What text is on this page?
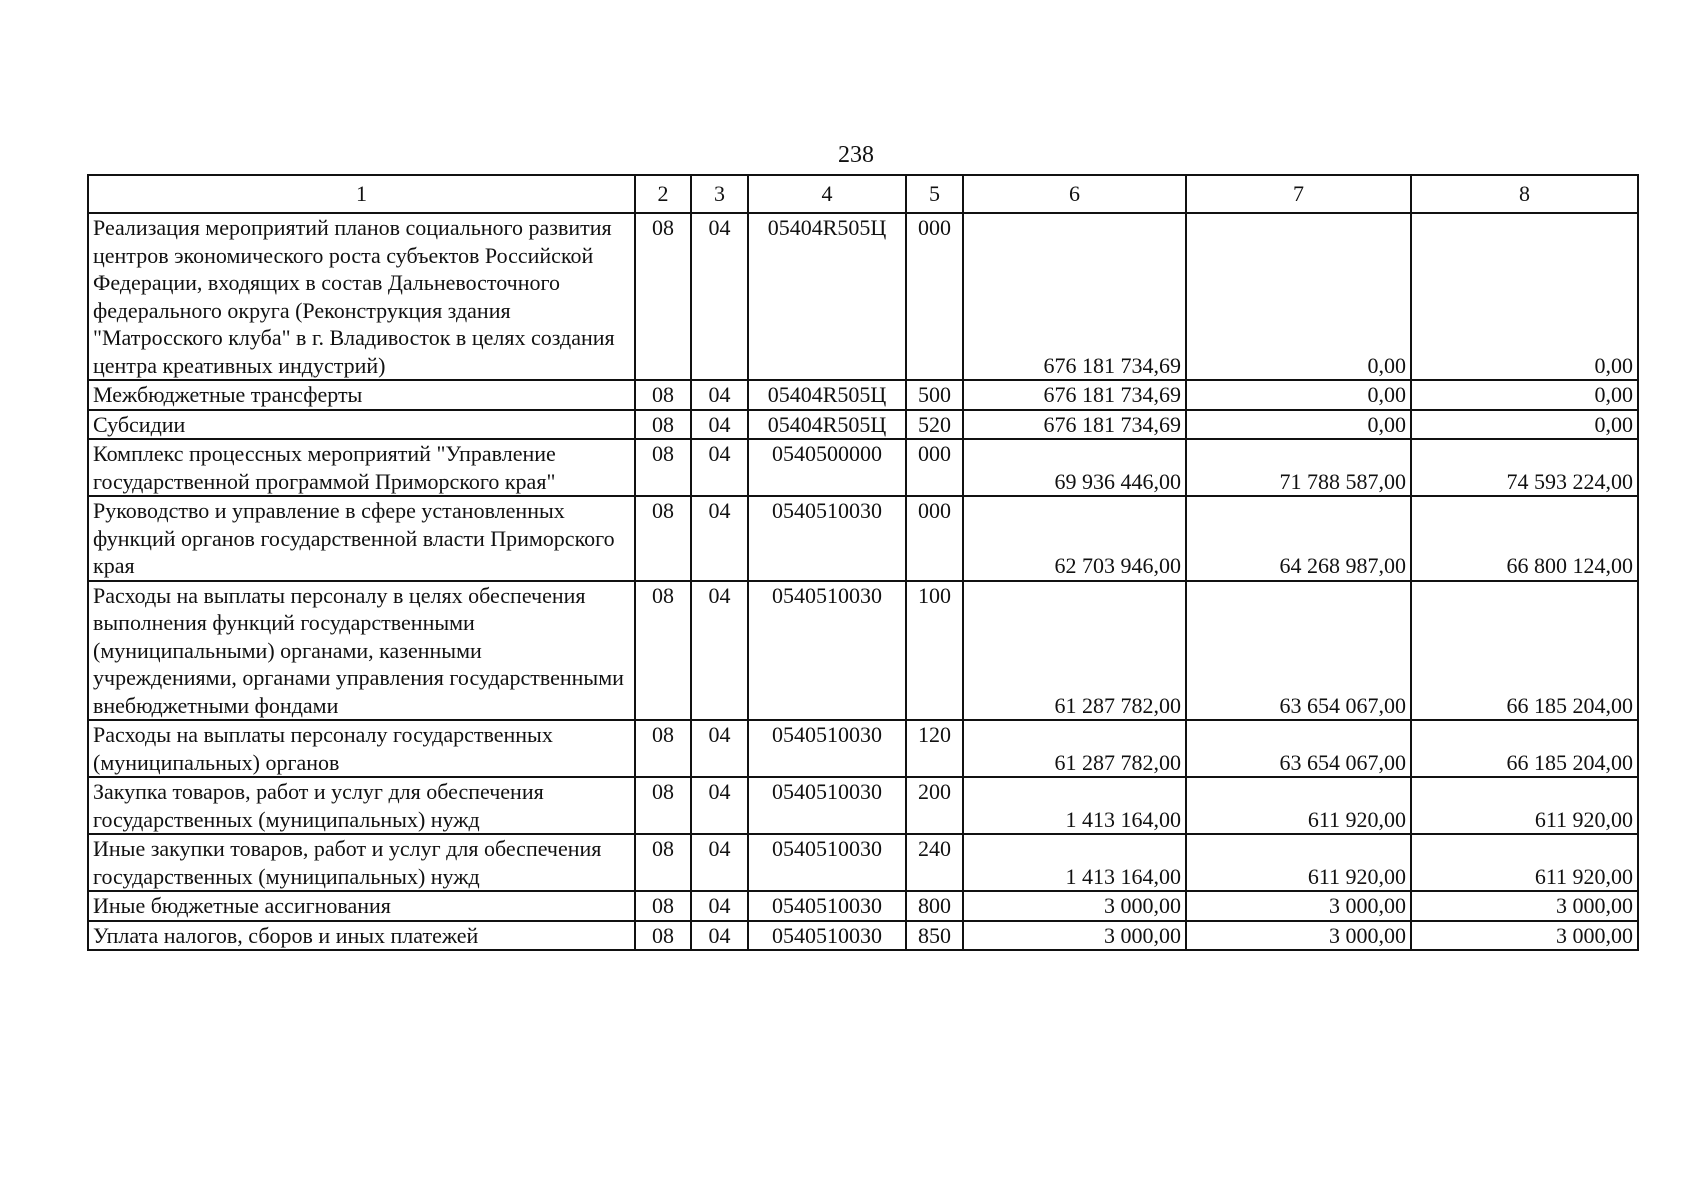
238
1	2	3	4	5	6	7	8
Реализация мероприятий планов социального развития центров экономического роста субъектов Российской Федерации, входящих в состав Дальневосточного федерального округа (Реконструкция здания "Матросского клуба" в г. Владивосток в целях создания центра креативных индустрий)	08	04	05404R505Ц	000	676 181 734,69	0,00	0,00
Межбюджетные трансферты	08	04	05404R505Ц	500	676 181 734,69	0,00	0,00
Субсидии	08	04	05404R505Ц	520	676 181 734,69	0,00	0,00
Комплекс процессных мероприятий "Управление государственной программой Приморского края"	08	04	0540500000	000	69 936 446,00	71 788 587,00	74 593 224,00
Руководство и управление в сфере установленных функций органов государственной власти Приморского края	08	04	0540510030	000	62 703 946,00	64 268 987,00	66 800 124,00
Расходы на выплаты персоналу в целях обеспечения выполнения функций государственными (муниципальными) органами, казенными учреждениями, органами управления государственными внебюджетными фондами	08	04	0540510030	100	61 287 782,00	63 654 067,00	66 185 204,00
Расходы на выплаты персоналу государственных (муниципальных) органов	08	04	0540510030	120	61 287 782,00	63 654 067,00	66 185 204,00
Закупка товаров, работ и услуг для обеспечения государственных (муниципальных) нужд	08	04	0540510030	200	1 413 164,00	611 920,00	611 920,00
Иные закупки товаров, работ и услуг для обеспечения государственных (муниципальных) нужд	08	04	0540510030	240	1 413 164,00	611 920,00	611 920,00
Иные бюджетные ассигнования	08	04	0540510030	800	3 000,00	3 000,00	3 000,00
Уплата налогов, сборов и иных платежей	08	04	0540510030	850	3 000,00	3 000,00	3 000,00
